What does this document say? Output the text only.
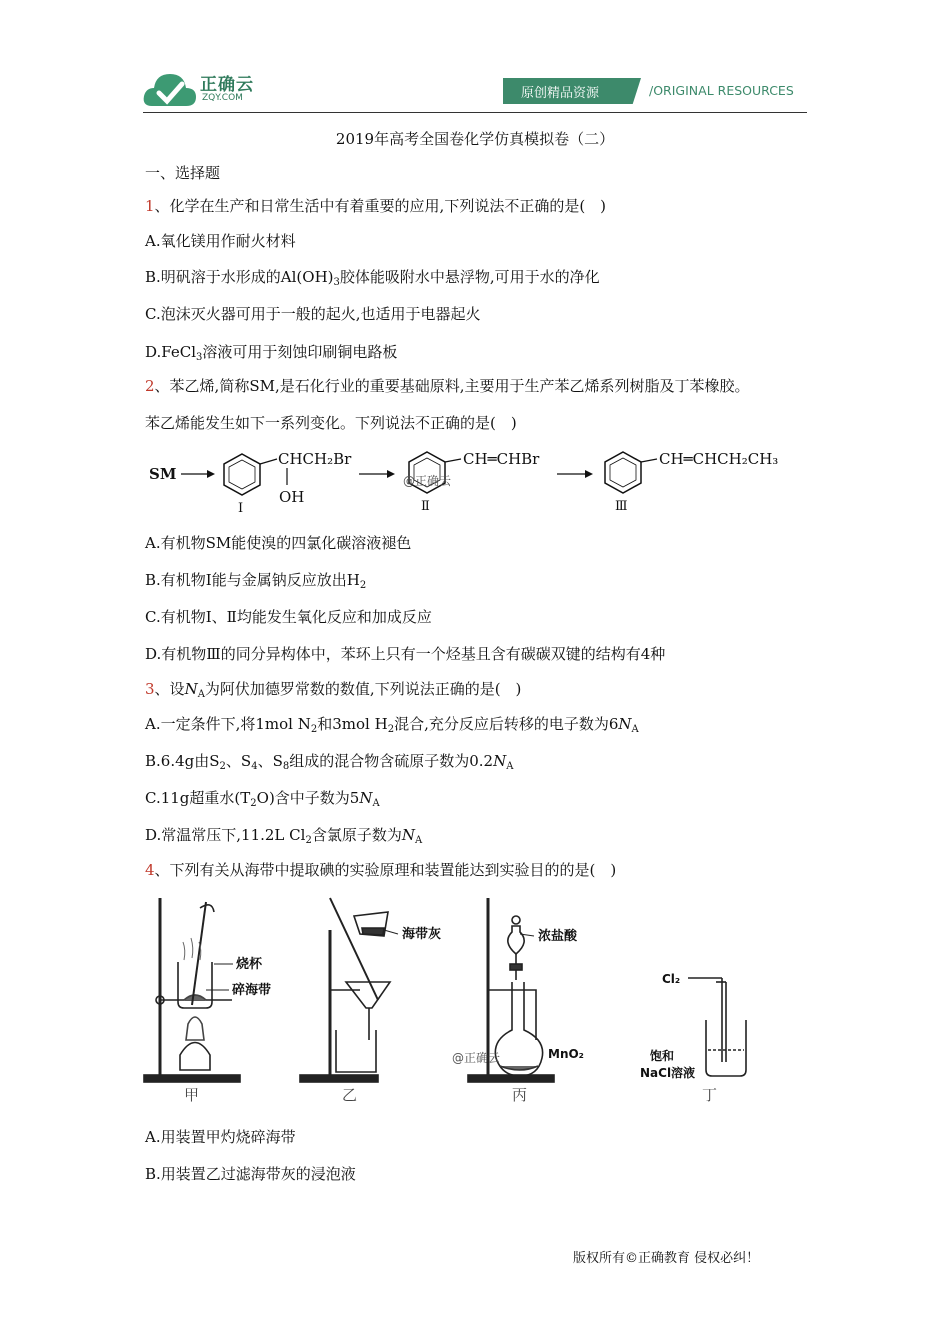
正确云
ZQY.COM	原创精品资源	/ORIGINAL RESOURCES
2019年高考全国卷化学仿真模拟卷（二）
一、选择题
1、化学在生产和日常生活中有着重要的应用,下列说法不正确的是(　)
A.氧化镁用作耐火材料
B.明矾溶于水形成的$Al(OH)_3$胶体能吸附水中悬浮物,可用于水的净化
C.泡沫灭火器可用于一般的起火,也适用于电器起火
D.FeCl$_3$溶液可用于刻蚀印刷铜电路板
2、苯乙烯,简称SM,是石化行业的重要基础原料,主要用于生产苯乙烯系列树脂及丁苯橡胶。
苯乙烯能发生如下一系列变化。下列说法不正确的是(　)
SM
CHCH₂Br
OH
Ⅰ
CH═CHBr
Ⅱ
@正确云
CH═CHCH₂CH₃
Ⅲ
A.有机物SM能使溴的四氯化碳溶液褪色
B.有机物Ⅰ能与金属钠反应放出$H_2$
C.有机物Ⅰ、Ⅱ均能发生氧化反应和加成反应
D.有机物Ⅲ的同分异构体中，苯环上只有一个烃基且含有碳碳双键的结构有4种
3、设$N_A$为阿伏加德罗常数的数值,下列说法正确的是(　)
A.一定条件下,将1mol $N_2$和3mol $H_2$混合,充分反应后转移的电子数为$6N_A$
B.6.4g由$S_2$、$S_4$、$S_8$组成的混合物含硫原子数为$0.2N_A$
C.11g超重水$(T_2O)$含中子数为$5N_A$
D.常温常压下,11.2L $Cl_2$含氯原子数为$N_A$
4、下列有关从海带中提取碘的实验原理和装置能达到实验目的的是(　)
烧杯
碎海带
甲
海带灰
乙
浓盐酸
MnO₂
@正确云
丙
Cl₂
饱和
NaCl溶液
丁
A.用装置甲灼烧碎海带
B.用装置乙过滤海带灰的浸泡液
版权所有©正确教育 侵权必纠！
